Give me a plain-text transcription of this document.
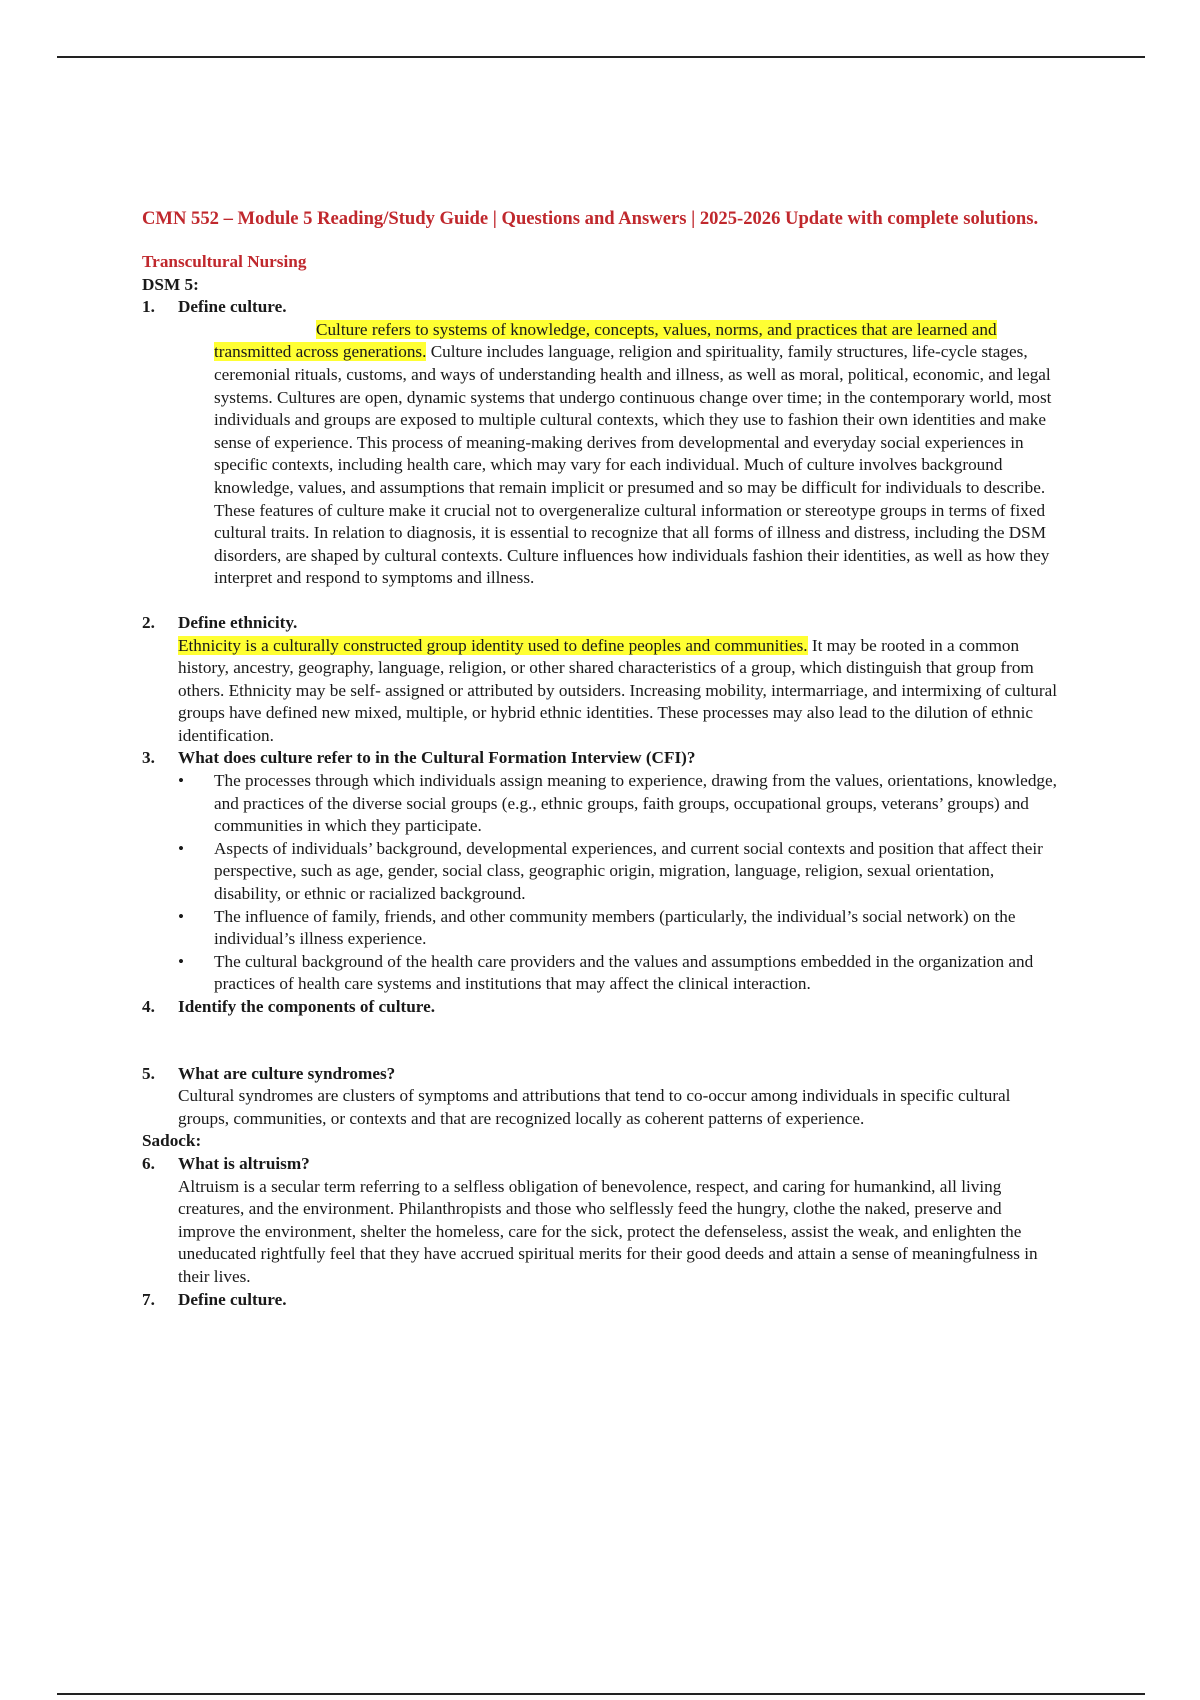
CMN 552 – Module 5 Reading/Study Guide | Questions and Answers | 2025-2026 Update with complete solutions.

Transcultural Nursing
DSM 5:
1. Define culture.
Culture refers to systems of knowledge, concepts, values, norms, and practices that are learned and transmitted across generations. Culture includes language, religion and spirituality, family structures, life-cycle stages, ceremonial rituals, customs, and ways of understanding health and illness, as well as moral, political, economic, and legal systems. Cultures are open, dynamic systems that undergo continuous change over time; in the contemporary world, most individuals and groups are exposed to multiple cultural contexts, which they use to fashion their own identities and make sense of experience. This process of meaning-making derives from developmental and everyday social experiences in specific contexts, including health care, which may vary for each individual. Much of culture involves background knowledge, values, and assumptions that remain implicit or presumed and so may be difficult for individuals to describe. These features of culture make it crucial not to overgeneralize cultural information or stereotype groups in terms of fixed cultural traits. In relation to diagnosis, it is essential to recognize that all forms of illness and distress, including the DSM disorders, are shaped by cultural contexts. Culture influences how individuals fashion their identities, as well as how they interpret and respond to symptoms and illness.
2. Define ethnicity.
Ethnicity is a culturally constructed group identity used to define peoples and communities. It may be rooted in a common history, ancestry, geography, language, religion, or other shared characteristics of a group, which distinguish that group from others. Ethnicity may be self- assigned or attributed by outsiders. Increasing mobility, intermarriage, and intermixing of cultural groups have defined new mixed, multiple, or hybrid ethnic identities. These processes may also lead to the dilution of ethnic identification.
3. What does culture refer to in the Cultural Formation Interview (CFI)?
• The processes through which individuals assign meaning to experience, drawing from the values, orientations, knowledge, and practices of the diverse social groups (e.g., ethnic groups, faith groups, occupational groups, veterans’ groups) and communities in which they participate.
• Aspects of individuals’ background, developmental experiences, and current social contexts and position that affect their perspective, such as age, gender, social class, geographic origin, migration, language, religion, sexual orientation, disability, or ethnic or racialized background.
• The influence of family, friends, and other community members (particularly, the individual’s social network) on the individual’s illness experience.
• The cultural background of the health care providers and the values and assumptions embedded in the organization and practices of health care systems and institutions that may affect the clinical interaction.
4. Identify the components of culture.
5. What are culture syndromes?
Cultural syndromes are clusters of symptoms and attributions that tend to co-occur among individuals in specific cultural groups, communities, or contexts and that are recognized locally as coherent patterns of experience.
Sadock:
6. What is altruism?
Altruism is a secular term referring to a selfless obligation of benevolence, respect, and caring for humankind, all living creatures, and the environment. Philanthropists and those who selflessly feed the hungry, clothe the naked, preserve and improve the environment, shelter the homeless, care for the sick, protect the defenseless, assist the weak, and enlighten the uneducated rightfully feel that they have accrued spiritual merits for their good deeds and attain a sense of meaningfulness in their lives.
7. Define culture.
